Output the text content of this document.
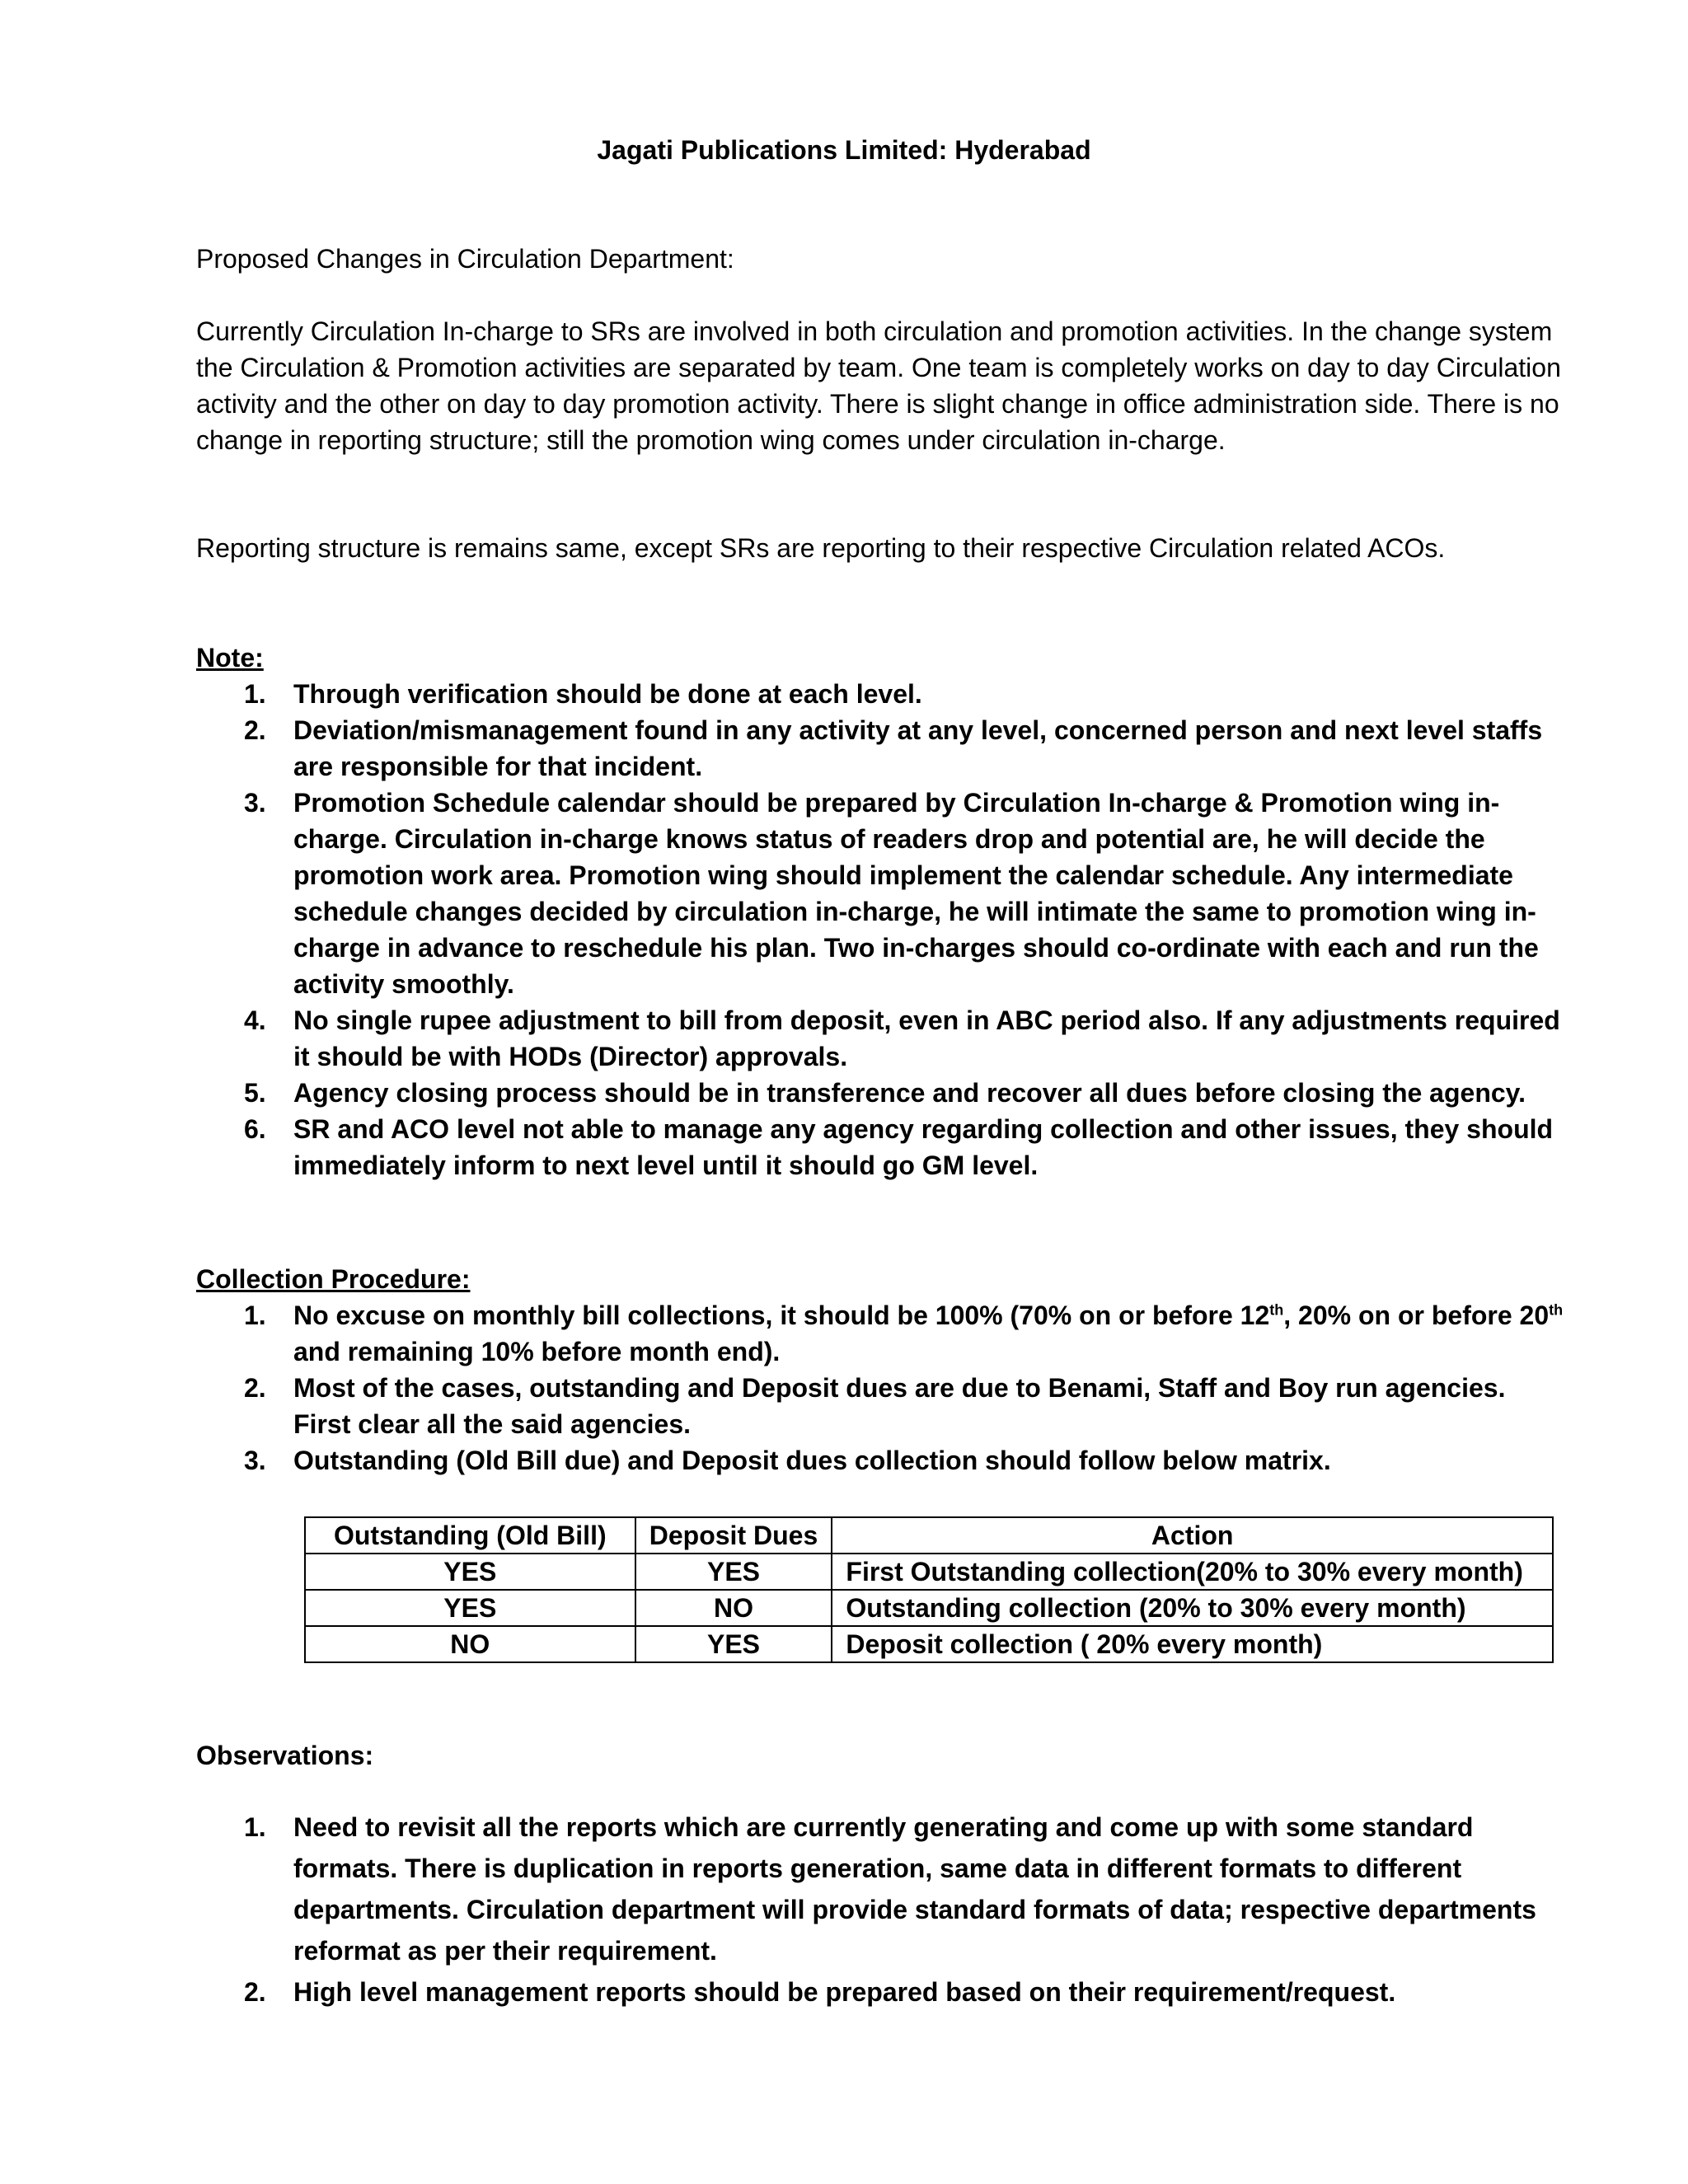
Jagati Publications Limited: Hyderabad

Proposed Changes in Circulation Department:

Currently Circulation In-charge to SRs are involved in both circulation and promotion activities. In the change system the Circulation & Promotion activities are separated by team. One team is completely works on day to day Circulation activity and the other on day to day promotion activity. There is slight change in office administration side. There is no change in reporting structure; still the promotion wing comes under circulation in-charge.

Reporting structure is remains same, except SRs are reporting to their respective Circulation related ACOs.

Note:

1. Through verification should be done at each level.
2. Deviation/mismanagement found in any activity at any level, concerned person and next level staffs are responsible for that incident.
3. Promotion Schedule calendar should be prepared by Circulation In-charge & Promotion wing in-charge. Circulation in-charge knows status of readers drop and potential are, he will decide the promotion work area. Promotion wing should implement the calendar schedule. Any intermediate schedule changes decided by circulation in-charge, he will intimate the same to promotion wing in-charge in advance to reschedule his plan. Two in-charges should co-ordinate with each and run the activity smoothly.
4. No single rupee adjustment to bill from deposit, even in ABC period also. If any adjustments required it should be with HODs (Director) approvals.
5. Agency closing process should be in transference and recover all dues before closing the agency.
6. SR and ACO level not able to manage any agency regarding collection and other issues, they should immediately inform to next level until it should go GM level.

Collection Procedure:

1. No excuse on monthly bill collections, it should be 100% (70% on or before 12th, 20% on or before 20th and remaining 10% before month end).
2. Most of the cases, outstanding and Deposit dues are due to Benami, Staff and Boy run agencies. First clear all the said agencies.
3. Outstanding (Old Bill due) and Deposit dues collection should follow below matrix.
Outstanding (Old Bill)	Deposit Dues	Action
YES	YES	First Outstanding collection(20% to 30% every month)
YES	NO	Outstanding collection (20% to 30% every month)
NO	YES	Deposit collection ( 20% every month)

Observations:

1. Need to revisit all the reports which are currently generating and come up with some standard formats. There is duplication in reports generation, same data in different formats to different departments. Circulation department will provide standard formats of data; respective departments reformat as per their requirement.
2. High level management reports should be prepared based on their requirement/request.
